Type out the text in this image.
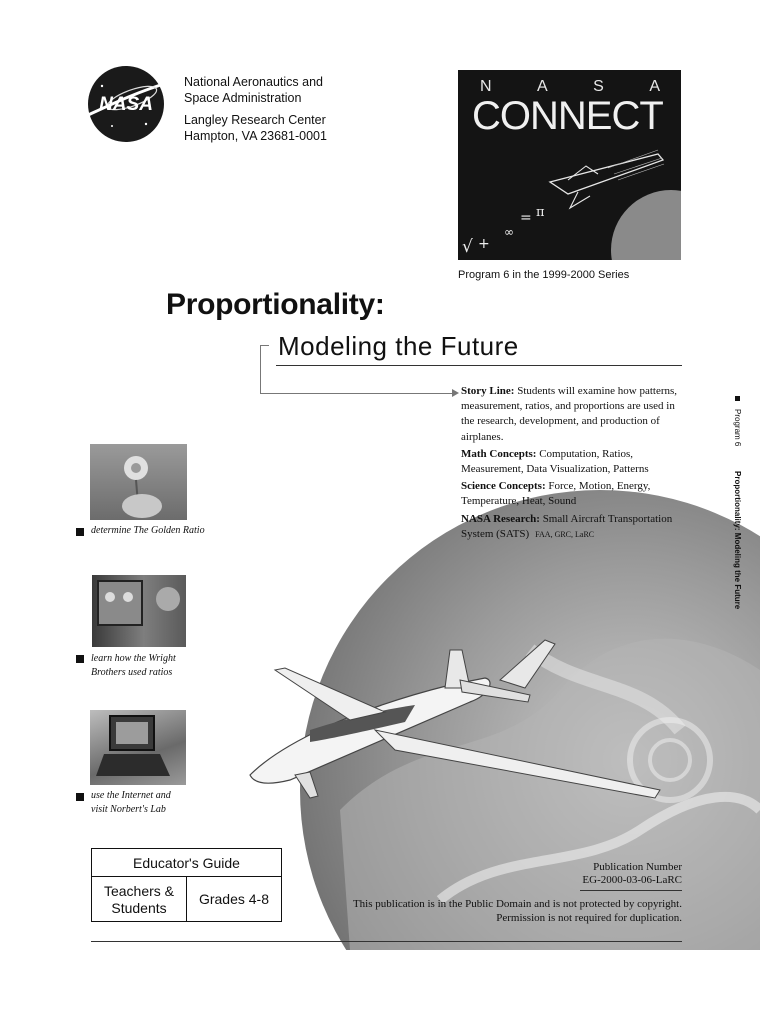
NASA
National Aeronautics and
Space Administration
Langley Research Center
Hampton, VA 23681-0001
N	A	S	A
CONNECT
√ +
∞
= π
Program 6 in the 1999-2000 Series
Proportionality:
Modeling the Future

Story Line: Students will examine how patterns, measurement, ratios, and proportions are used in the research, development, and production of airplanes.

Math Concepts: Computation, Ratios, Measurement, Data Visualization, Patterns

Science Concepts: Force, Motion, Energy, Temperature, Heat, Sound

NASA Research: Small Aircraft Transportation System (SATS) FAA, GRC, LaRC

Program 6  Proportionality: Modeling the Future
determine The Golden Ratio
learn how the Wright
Brothers used ratios
use the Internet and
visit Norbert's Lab
Educator's Guide
Teachers &
Students
Grades 4-8
Publication Number
EG-2000-03-06-LaRC
This publication is in the Public Domain and is not protected by copyright.
Permission is not required for duplication.
